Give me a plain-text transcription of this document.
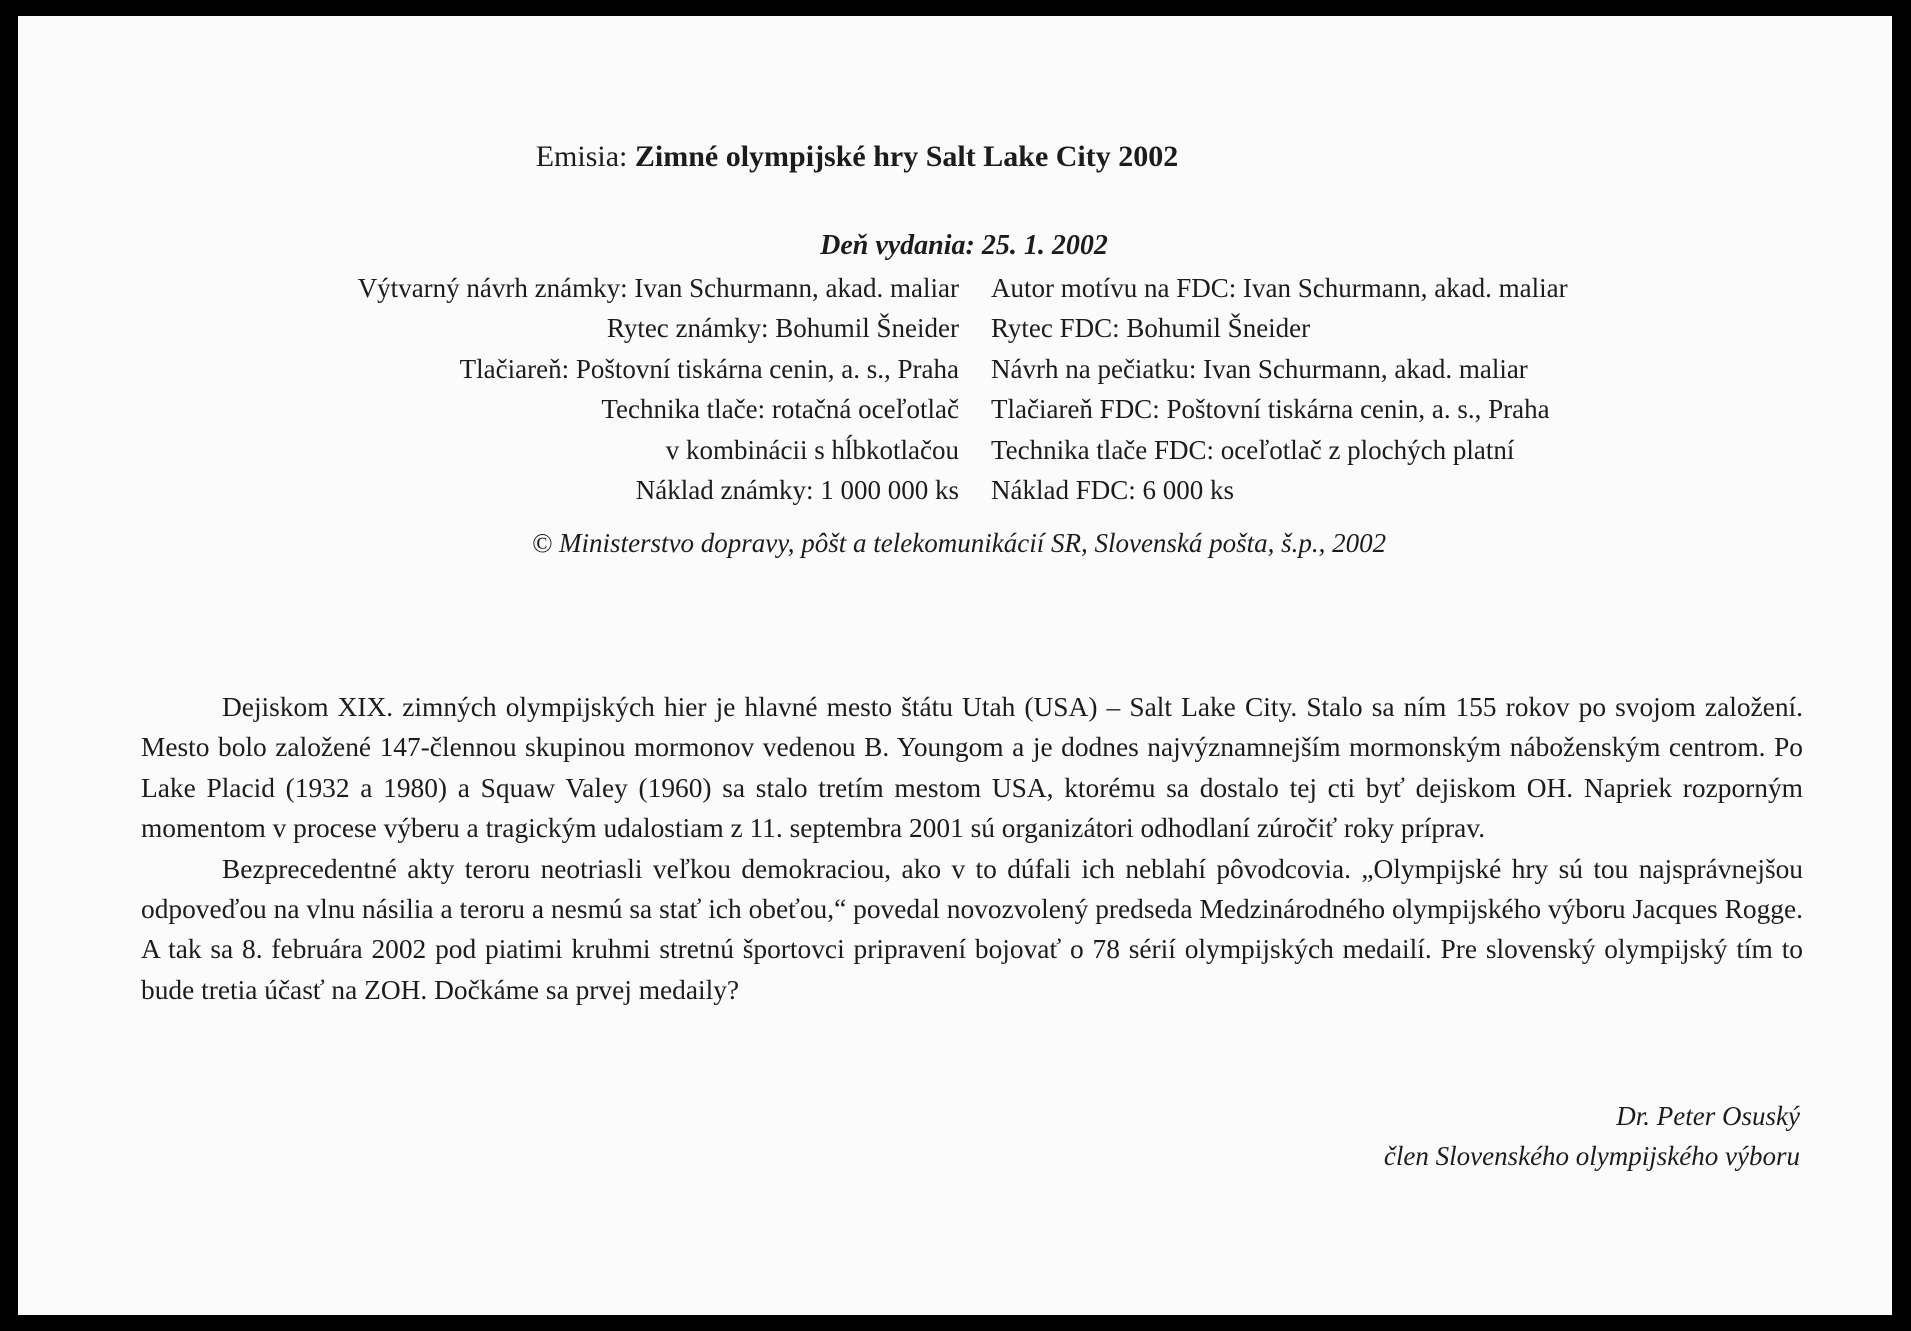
Emisia: Zimné olympijské hry Salt Lake City 2002
Deň vydania: 25. 1. 2002
Výtvarný návrh známky: Ivan Schurmann, akad. maliar
Rytec známky: Bohumil Šneider
Tlačiareň: Poštovní tiskárna cenin, a. s., Praha
Technika tlače: rotačná oceľotlač
v kombinácii s hĺbkotlačou
Náklad známky: 1 000 000 ks
Autor motívu na FDC: Ivan Schurmann, akad. maliar
Rytec FDC: Bohumil Šneider
Návrh na pečiatku: Ivan Schurmann, akad. maliar
Tlačiareň FDC: Poštovní tiskárna cenin, a. s., Praha
Technika tlače FDC: oceľotlač z plochých platní
Náklad FDC: 6 000 ks
© Ministerstvo dopravy, pôšt a telekomunikácií SR, Slovenská pošta, š.p., 2002

Dejiskom XIX. zimných olympijských hier je hlavné mesto štátu Utah (USA) – Salt Lake City. Stalo sa ním 155 rokov po svojom založení. Mesto bolo založené 147-člennou skupinou mormonov vedenou B. Youngom a je dodnes najvýznamnejším mormonským náboženským centrom. Po Lake Placid (1932 a 1980) a Squaw Valey (1960) sa stalo tretím mestom USA, ktorému sa dostalo tej cti byť dejiskom OH. Napriek rozporným momentom v procese výberu a tragickým udalostiam z 11. septembra 2001 sú organizátori odhodlaní zúročiť roky príprav.

Bezprecedentné akty teroru neotriasli veľkou demokraciou, ako v to dúfali ich neblahí pôvodcovia. „Olympijské hry sú tou najsprávnejšou odpoveďou na vlnu násilia a teroru a nesmú sa stať ich obeťou,“ povedal novozvolený predseda Medzinárodného olympijského výboru Jacques Rogge. A tak sa 8. februára 2002 pod piatimi kruhmi stretnú športovci pripravení bojovať o 78 sérií olympijských medailí. Pre slovenský olympijský tím to bude tretia účasť na ZOH. Dočkáme sa prvej medaily?

Dr. Peter Osuský
člen Slovenského olympijského výboru
